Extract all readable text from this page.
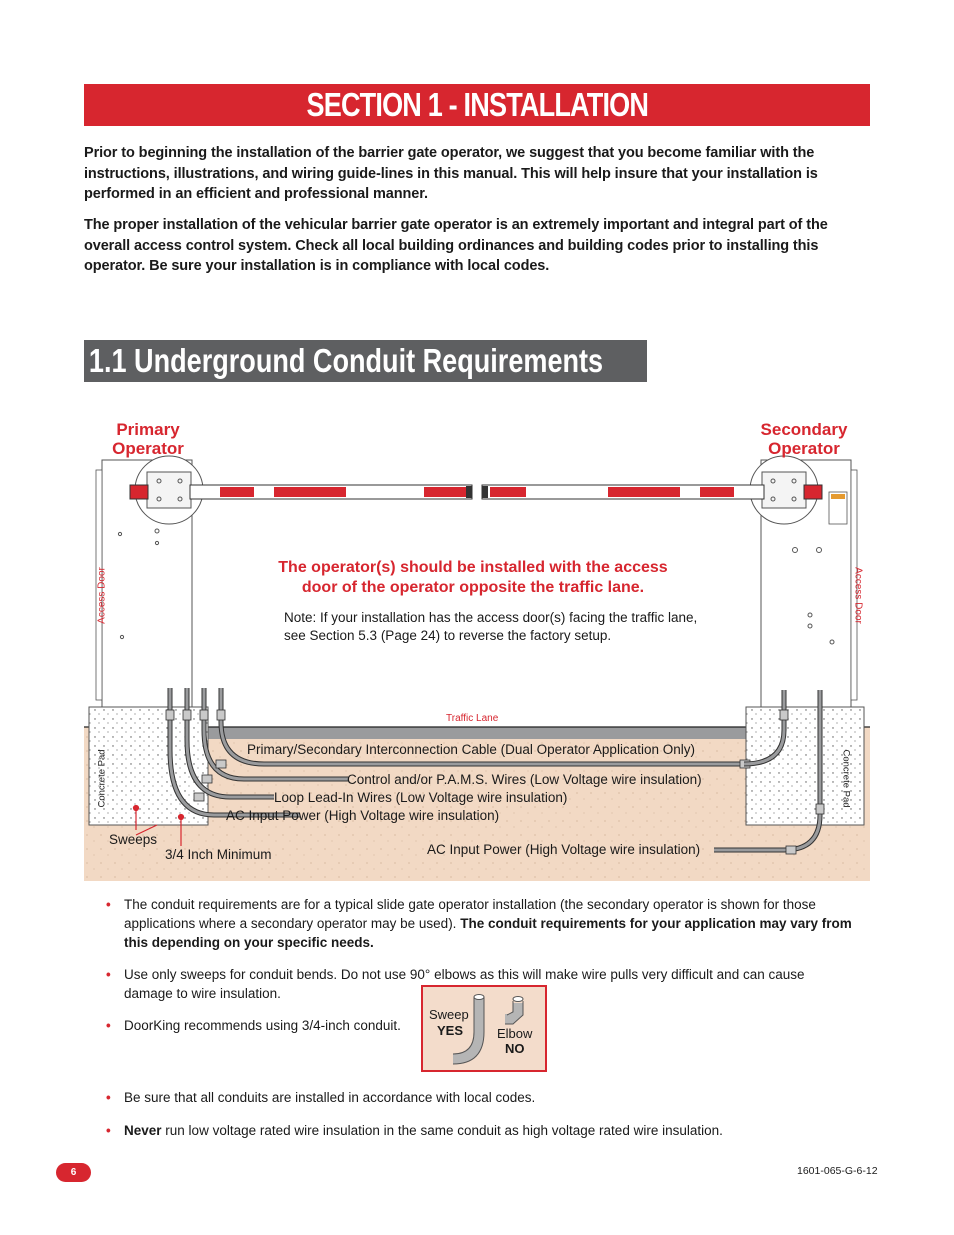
SECTION 1 - INSTALLATION

Prior to beginning the installation of the barrier gate operator, we suggest that you become familiar with the instructions, illustrations, and wiring guide-lines in this manual. This will help insure that your installation is performed in an efficient and professional manner.

The proper installation of the vehicular barrier gate operator is an extremely important and integral part of the overall access control system. Check all local building ordinances and building codes prior to installing this operator. Be sure your installation is in compliance with local codes.

1.1 Underground Conduit Requirements
Primary
Operator
Secondary
Operator
Access Door	Access Door
Traffic Lane
Concrete Pad	Concrete Pad
The operator(s) should be installed with the access door of the operator opposite the traffic lane.
Note: If your installation has the access door(s) facing the traffic lane, see Section 5.3 (Page 24) to reverse the factory setup.
Primary/Secondary Interconnection Cable (Dual Operator Application Only)
Control and/or P.A.M.S. Wires (Low Voltage wire insulation)
Loop Lead-In Wires (Low Voltage wire insulation)
AC Input Power (High Voltage wire insulation)
AC Input Power (High Voltage wire insulation)
Sweeps
3/4 Inch Minimum
• The conduit requirements are for a typical slide gate operator installation (the secondary operator is shown for those applications where a secondary operator may be used). The conduit requirements for your application may vary from this depending on your specific needs.
• Use only sweeps for conduit bends. Do not use 90° elbows as this will make wire pulls very difficult and can cause damage to wire insulation.
• DoorKing recommends using 3/4-inch conduit.
Sweep
YES	Elbow
NO
• Be sure that all conduits are installed in accordance with local codes.
• Never run low voltage rated wire insulation in the same conduit as high voltage rated wire insulation.
6	1601-065-G-6-12
